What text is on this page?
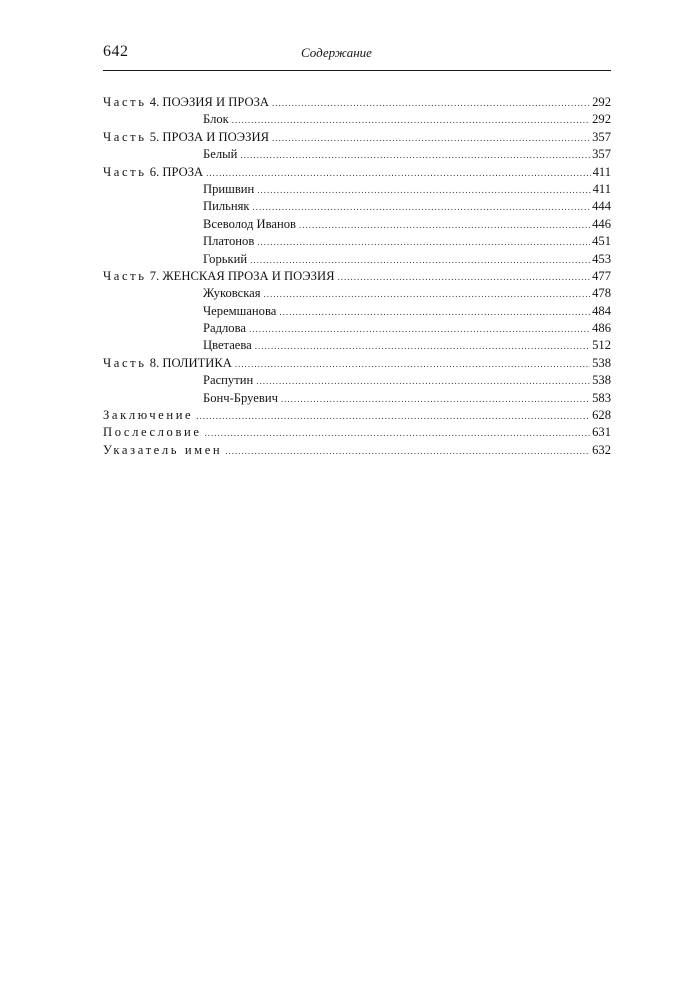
642	Содержание
Часть 4. ПОЭЗИЯ И ПРОЗА .....	292
Блок .....	292
Часть 5. ПРОЗА И ПОЭЗИЯ .....	357
Белый .....	357
Часть 6. ПРОЗА .....	411
Пришвин .....	411
Пильняк .....	444
Всеволод Иванов .....	446
Платонов .....	451
Горький .....	453
Часть 7. ЖЕНСКАЯ ПРОЗА И ПОЭЗИЯ .....	477
Жуковская .....	478
Черемшанова .....	484
Радлова .....	486
Цветаева .....	512
Часть 8. ПОЛИТИКА .....	538
Распутин .....	538
Бонч-Бруевич .....	583
Заключение .....	628
Послесловие .....	631
Указатель имен .....	632
